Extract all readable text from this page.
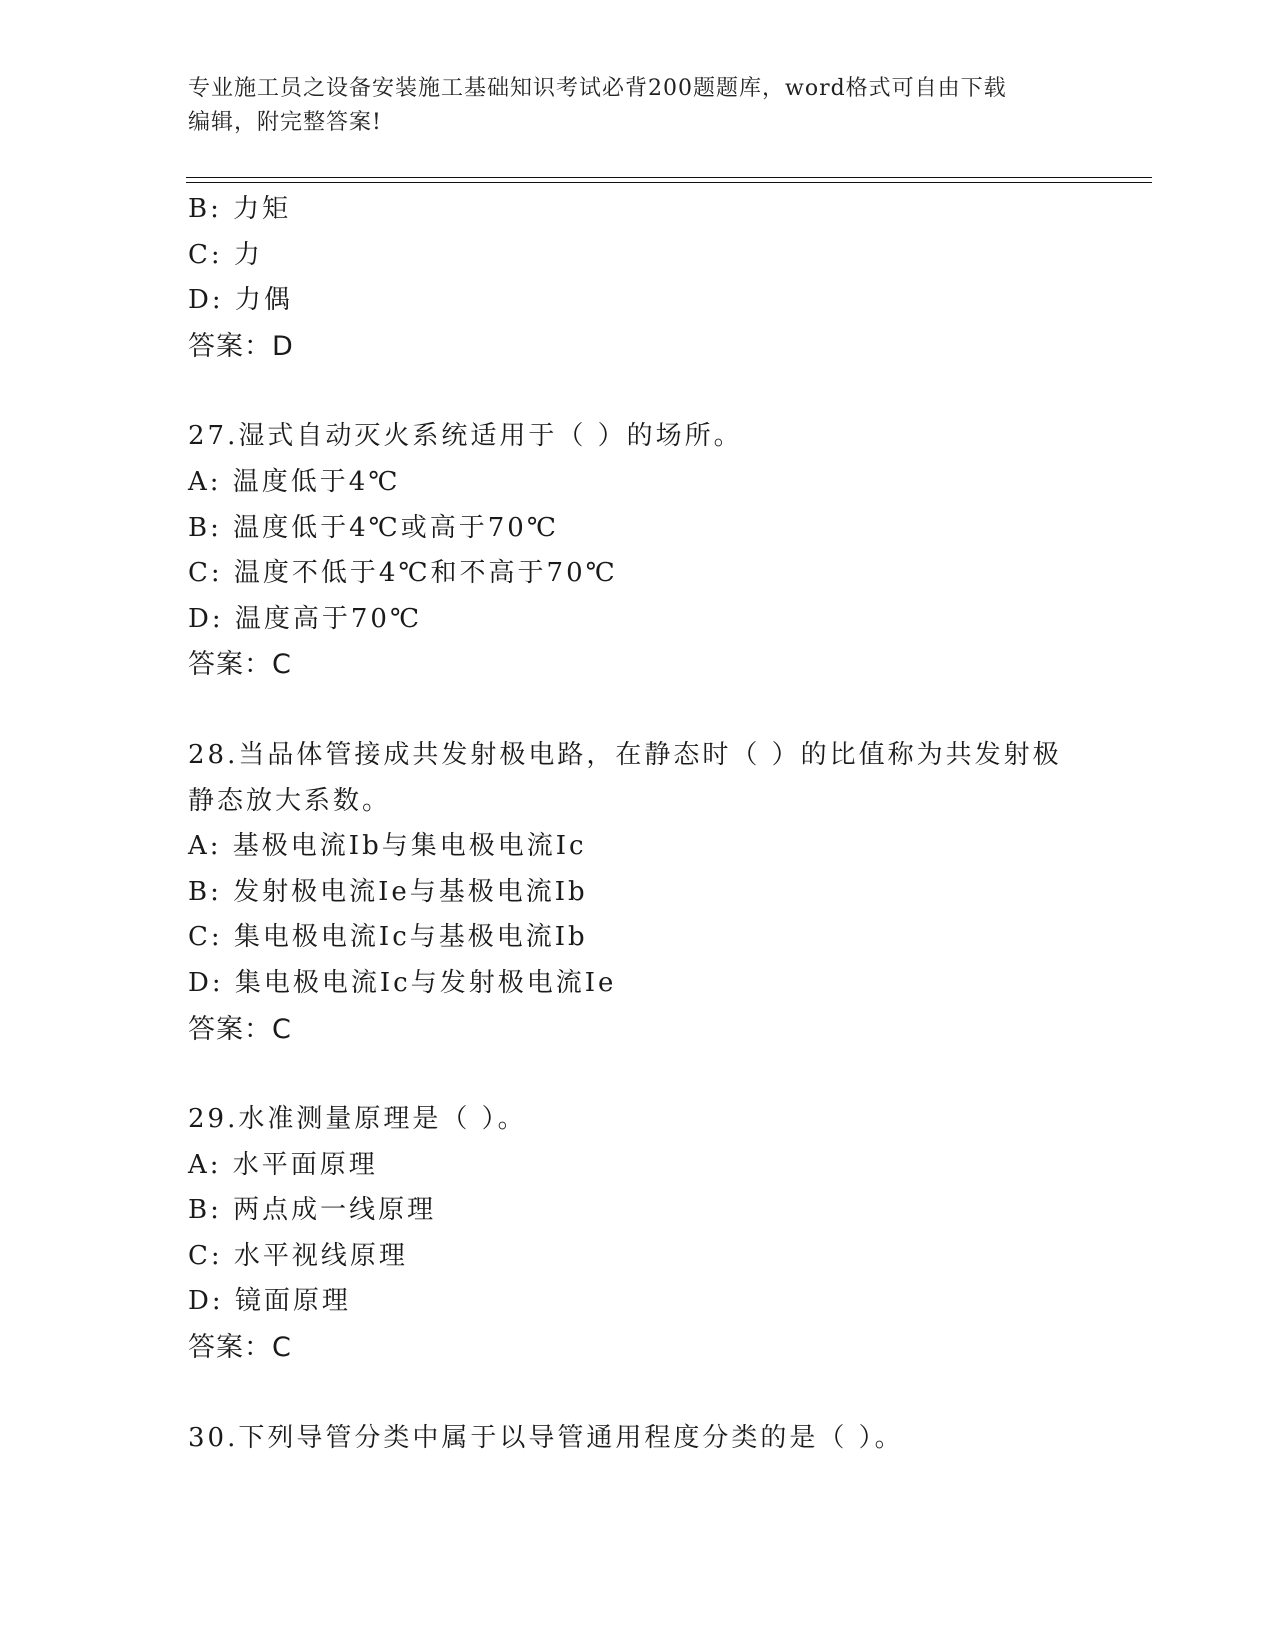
专业施工员之设备安装施工基础知识考试必背200题题库，word格式可自由下载
编辑，附完整答案!
B: 力矩
C: 力
D: 力偶
答案：D
27.湿式自动灭火系统适用于（ ）的场所。
A: 温度低于4℃
B: 温度低于4℃或高于70℃
C: 温度不低于4℃和不高于70℃
D: 温度高于70℃
答案：C
28.当品体管接成共发射极电路，在静态时（ ）的比值称为共发射极
静态放大系数。
A: 基极电流Ib与集电极电流Ic
B: 发射极电流Ie与基极电流Ib
C: 集电极电流Ic与基极电流Ib
D: 集电极电流Ic与发射极电流Ie
答案：C
29.水准测量原理是（ ）。
A: 水平面原理
B: 两点成一线原理
C: 水平视线原理
D: 镜面原理
答案：C
30.下列导管分类中属于以导管通用程度分类的是（ ）。
